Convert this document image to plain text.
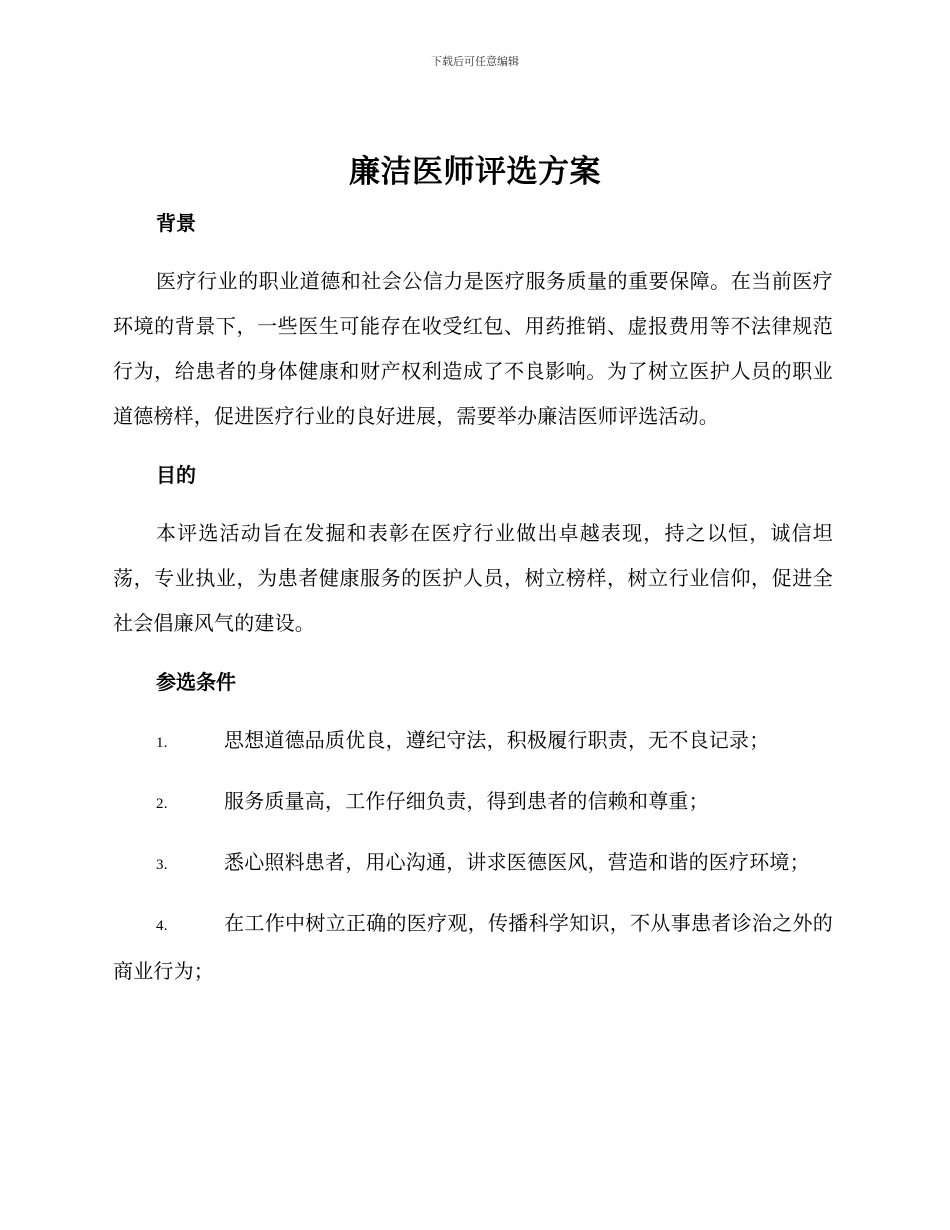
下载后可任意编辑
廉洁医师评选方案
背景

医疗行业的职业道德和社会公信力是医疗服务质量的重要保障。在当前医疗环境的背景下，一些医生可能存在收受红包、用药推销、虚报费用等不法律规范行为，给患者的身体健康和财产权利造成了不良影响。为了树立医护人员的职业道德榜样，促进医疗行业的良好进展，需要举办廉洁医师评选活动。

目的

本评选活动旨在发掘和表彰在医疗行业做出卓越表现，持之以恒，诚信坦荡，专业执业，为患者健康服务的医护人员，树立榜样，树立行业信仰，促进全社会倡廉风气的建设。

参选条件

1.	思想道德品质优良，遵纪守法，积极履行职责，无不良记录；

2.	服务质量高，工作仔细负责，得到患者的信赖和尊重；

3.	悉心照料患者，用心沟通，讲求医德医风，营造和谐的医疗环境；

4.	在工作中树立正确的医疗观，传播科学知识，不从事患者诊治之外的商业行为；
